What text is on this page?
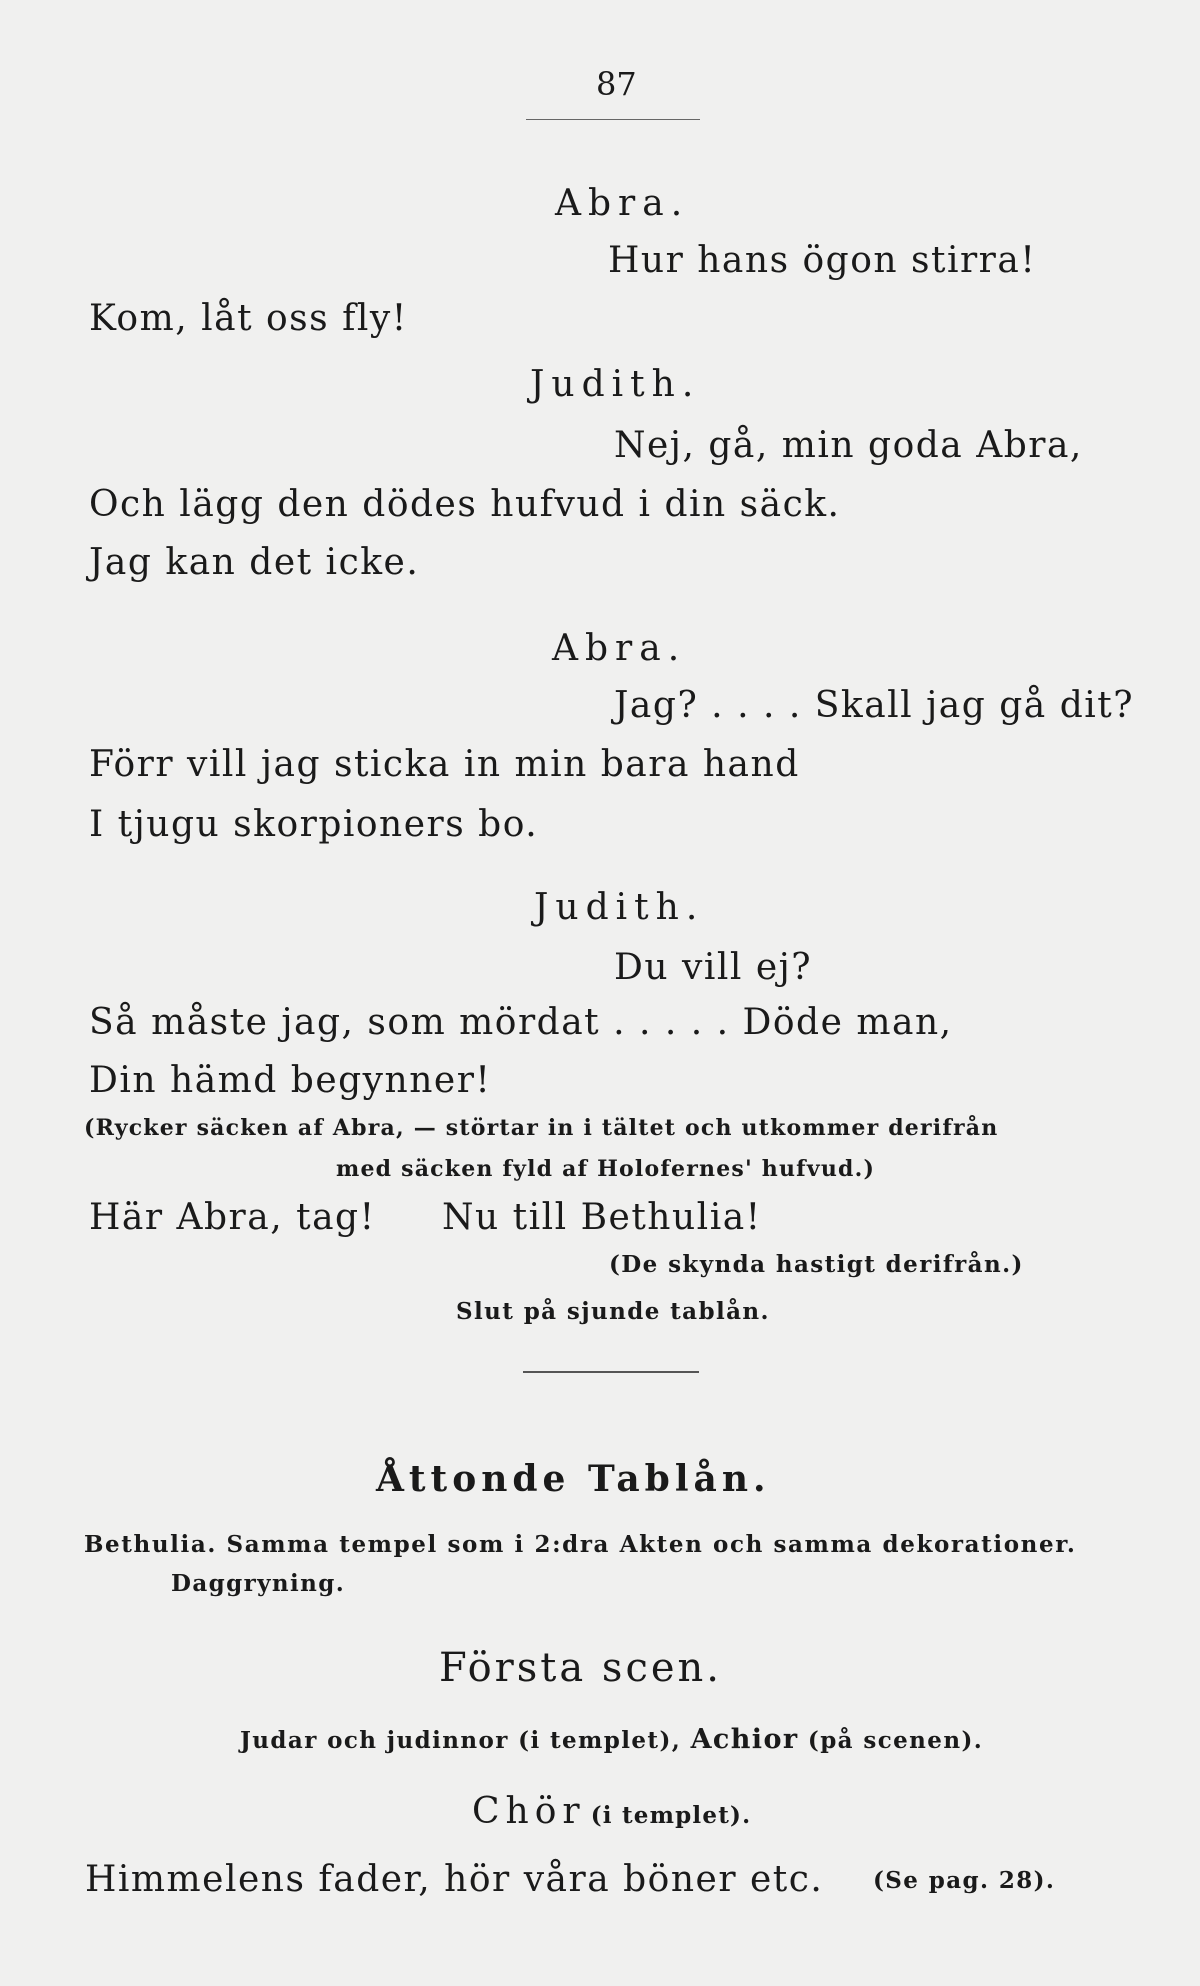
87
Abra.
Hur hans ögon stirra!
Kom, låt oss fly!
Judith.
Nej, gå, min goda Abra,
Och lägg den dödes hufvud i din säck.
Jag kan det icke.
Abra.
Jag? . . . . Skall jag gå dit?
Förr vill jag sticka in min bara hand
I tjugu skorpioners bo.
Judith.
Du vill ej?
Så måste jag, som mördat . . . . . Döde man,
Din hämd begynner!
(Rycker säcken af Abra, — störtar in i tältet och utkommer derifrån
med säcken fyld af Holofernes' hufvud.)
Här Abra, tag! Nu till Bethulia!
(De skynda hastigt derifrån.)
Slut på sjunde tablån.
Åttonde Tablån.
Bethulia. Samma tempel som i 2:dra Akten och samma dekorationer.
Daggryning.
Första scen.
Judar och judinnor (i templet), Achior (på scenen).
Chör (i templet).
Himmelens fader, hör våra böner etc. (Se pag. 28).
